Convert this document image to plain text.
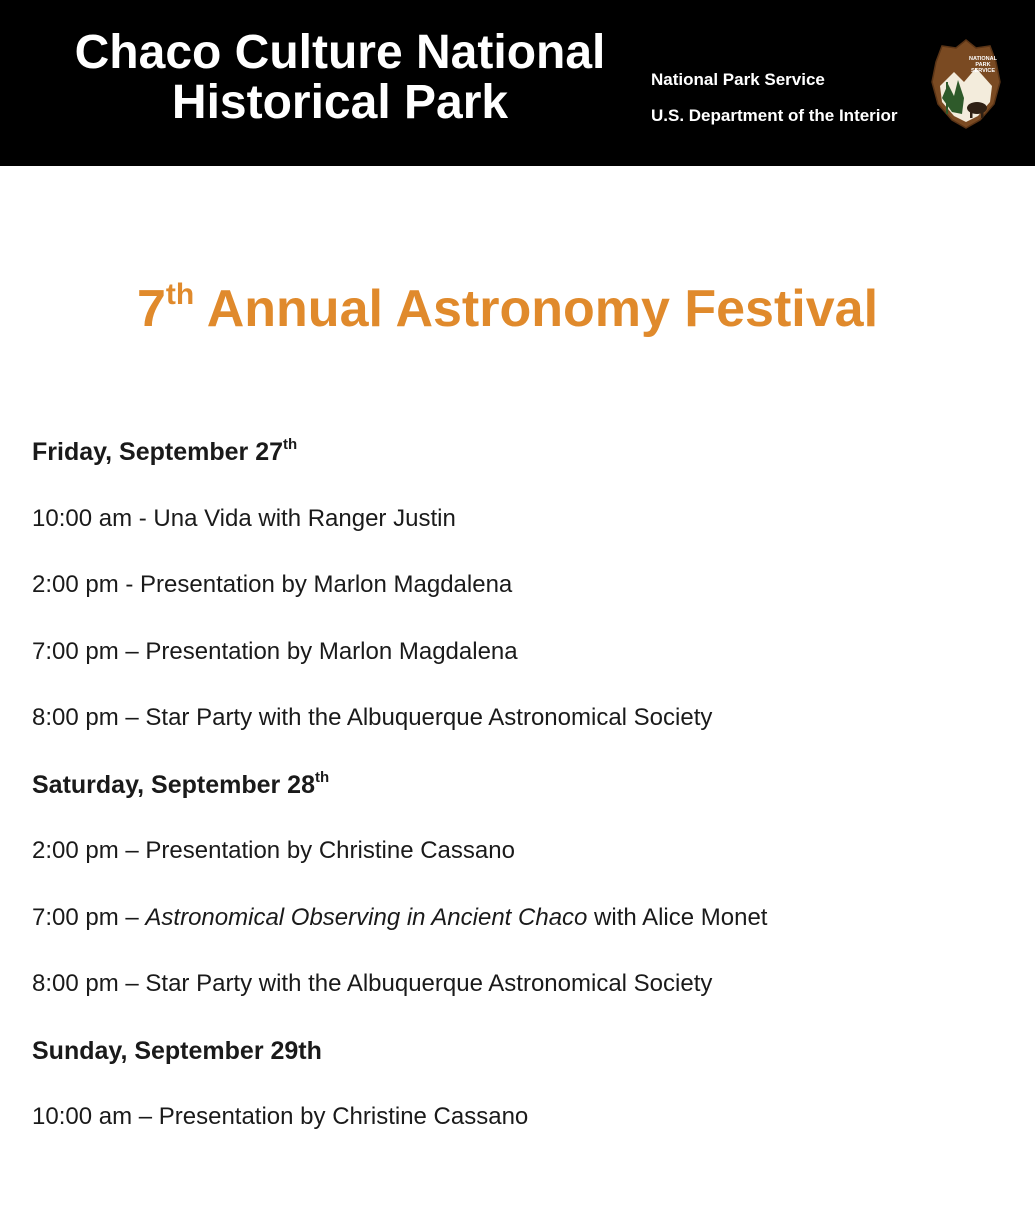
Chaco Culture National
Historical Park	National Park Service
U.S. Department of the Interior
NATIONAL
PARK
SERVICE
7th Annual Astronomy Festival
Friday, September 27th
10:00 am - Una Vida with Ranger Justin
2:00 pm - Presentation by Marlon Magdalena
7:00 pm – Presentation by Marlon Magdalena
8:00 pm – Star Party with the Albuquerque Astronomical Society
Saturday, September 28th
2:00 pm – Presentation by Christine Cassano
7:00 pm – Astronomical Observing in Ancient Chaco with Alice Monet
8:00 pm – Star Party with the Albuquerque Astronomical Society
Sunday, September 29th
10:00 am – Presentation by Christine Cassano
